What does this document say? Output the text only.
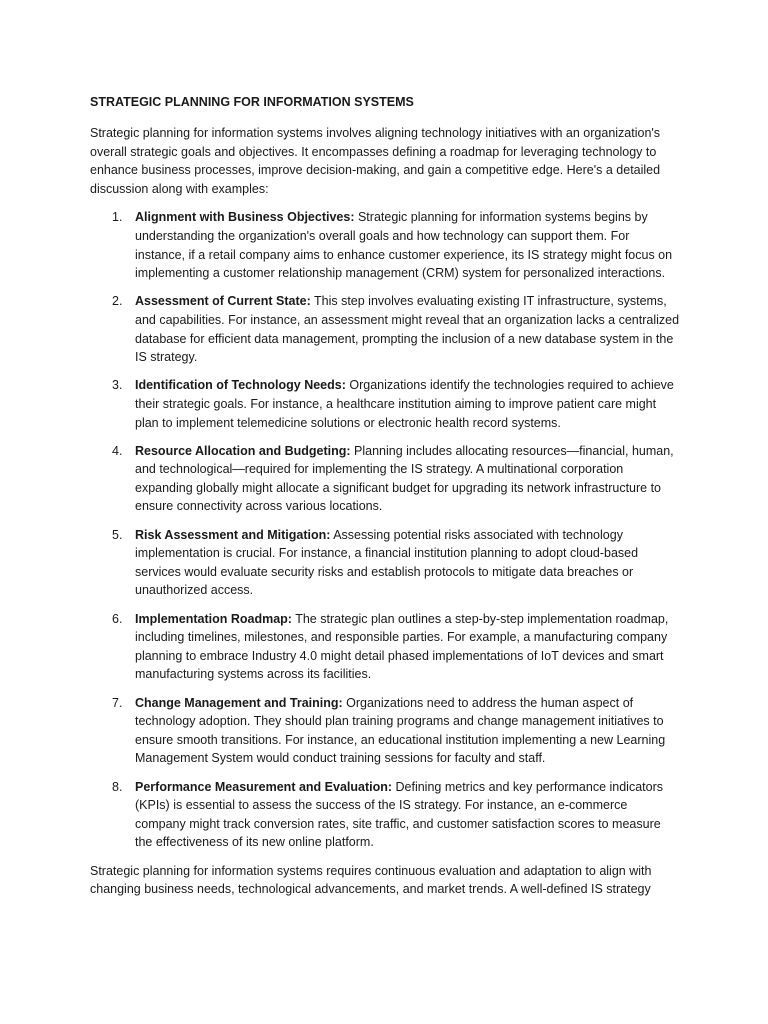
STRATEGIC PLANNING FOR INFORMATION SYSTEMS

Strategic planning for information systems involves aligning technology initiatives with an organization's overall strategic goals and objectives. It encompasses defining a roadmap for leveraging technology to enhance business processes, improve decision-making, and gain a competitive edge. Here's a detailed discussion along with examples:

1. Alignment with Business Objectives: Strategic planning for information systems begins by understanding the organization's overall goals and how technology can support them. For instance, if a retail company aims to enhance customer experience, its IS strategy might focus on implementing a customer relationship management (CRM) system for personalized interactions.
2. Assessment of Current State: This step involves evaluating existing IT infrastructure, systems, and capabilities. For instance, an assessment might reveal that an organization lacks a centralized database for efficient data management, prompting the inclusion of a new database system in the IS strategy.
3. Identification of Technology Needs: Organizations identify the technologies required to achieve their strategic goals. For instance, a healthcare institution aiming to improve patient care might plan to implement telemedicine solutions or electronic health record systems.
4. Resource Allocation and Budgeting: Planning includes allocating resources—financial, human, and technological—required for implementing the IS strategy. A multinational corporation expanding globally might allocate a significant budget for upgrading its network infrastructure to ensure connectivity across various locations.
5. Risk Assessment and Mitigation: Assessing potential risks associated with technology implementation is crucial. For instance, a financial institution planning to adopt cloud-based services would evaluate security risks and establish protocols to mitigate data breaches or unauthorized access.
6. Implementation Roadmap: The strategic plan outlines a step-by-step implementation roadmap, including timelines, milestones, and responsible parties. For example, a manufacturing company planning to embrace Industry 4.0 might detail phased implementations of IoT devices and smart manufacturing systems across its facilities.
7. Change Management and Training: Organizations need to address the human aspect of technology adoption. They should plan training programs and change management initiatives to ensure smooth transitions. For instance, an educational institution implementing a new Learning Management System would conduct training sessions for faculty and staff.
8. Performance Measurement and Evaluation: Defining metrics and key performance indicators (KPIs) is essential to assess the success of the IS strategy. For instance, an e-commerce company might track conversion rates, site traffic, and customer satisfaction scores to measure the effectiveness of its new online platform.

Strategic planning for information systems requires continuous evaluation and adaptation to align with changing business needs, technological advancements, and market trends. A well-defined IS strategy
